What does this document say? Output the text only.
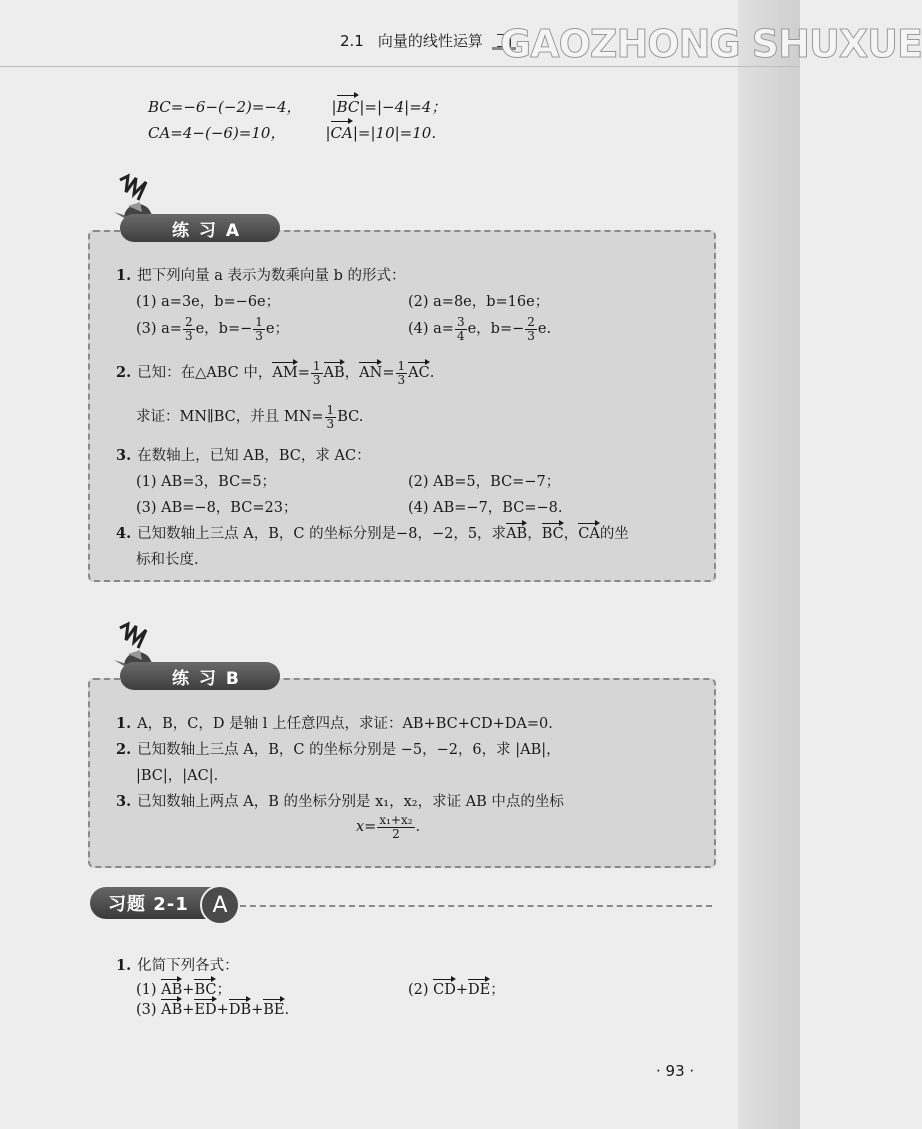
2.1 向量的线性运算 GAOZHONG SHUXUE
BC=−6−(−2)=−4， |BC|=|−4|=4；
CA=4−(−6)=10，	|CA|=|10|=10.
练 习 A
1. 把下列向量 a 表示为数乘向量 b 的形式：
(1) a=3e，b=−6e；	(2) a=8e，b=16e；
(3) $a= \frac{2}{3}$ e，$b=- \frac{1}{3}$ e；	(4) $a= \frac{3}{4}$ e，$b=- \frac{2}{3} e$.
2. 已知：在△ABC 中，$AM= \frac{1}{3}$ AB，$AN= \frac{1}{3}$ AC.
求证：MN∥BC，并且 $MN= \frac{1}{3}$ BC.
3. 在数轴上，已知 AB，BC，求 AC：
(1) AB=3，BC=5；	(2) AB=5，BC=−7；
(3) AB=−8，BC=23；	(4) AB=−7，BC=−8.
4. 已知数轴上三点 A，B，C 的坐标分别是−8，−2，5，求AB，BC，CA的坐
标和长度.
练 习 B
1. A，B，C，D 是轴 l 上任意四点，求证：AB+BC+CD+DA=0.
2. 已知数轴上三点 A，B，C 的坐标分别是 −5，−2，6，求 |AB|，
|BC|，|AC|.
3. 已知数轴上两点 A，B 的坐标分别是 x₁，x₂，求证 AB 中点的坐标
$x= \frac{\text{x₁+x₂}}{2}$ .
习题 2-1	A
1. 化简下列各式：
(1) AB+BC；	(2) CD+DE；
(3) AB+ED+DB+BE.
· 93 ·
